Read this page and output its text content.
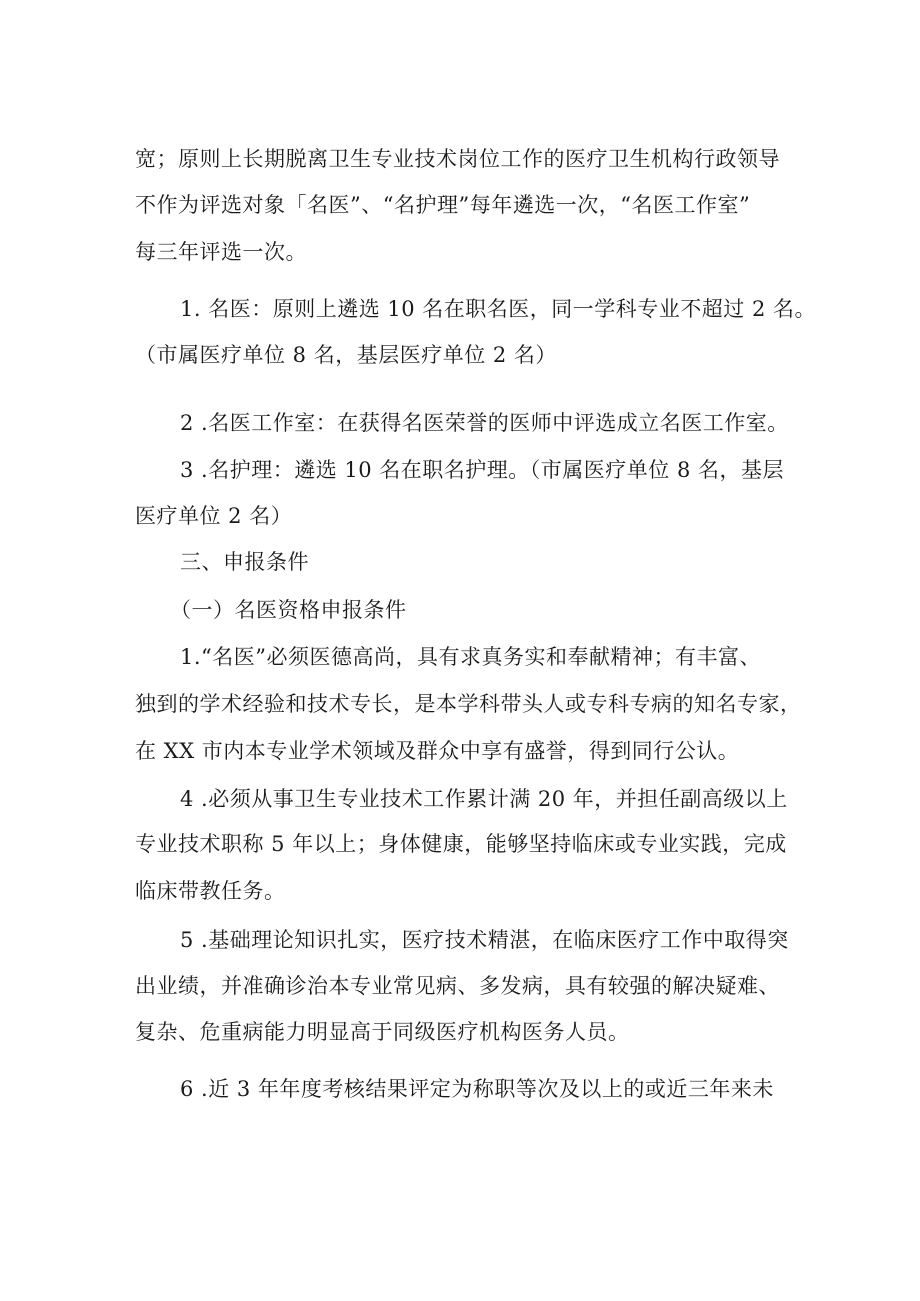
宽；原则上长期脱离卫生专业技术岗位工作的医疗卫生机构行政领导
不作为评选对象「名医”、“名护理”每年遴选一次，“名医工作室”
每三年评选一次。
1. 名医：原则上遴选 10 名在职名医，同一学科专业不超过 2 名。
（市属医疗单位 8 名，基层医疗单位 2 名）
2 .名医工作室：在获得名医荣誉的医师中评选成立名医工作室。
3 .名护理：遴选 10 名在职名护理。（市属医疗单位 8 名，基层
医疗单位 2 名）
三、申报条件
（一）名医资格申报条件
1.“名医”必须医德高尚，具有求真务实和奉献精神；有丰富、
独到的学术经验和技术专长，是本学科带头人或专科专病的知名专家，
在 XX 市内本专业学术领域及群众中享有盛誉，得到同行公认。
4 .必须从事卫生专业技术工作累计满 20 年，并担任副高级以上
专业技术职称 5 年以上；身体健康，能够坚持临床或专业实践，完成
临床带教任务。
5 .基础理论知识扎实，医疗技术精湛，在临床医疗工作中取得突
出业绩，并准确诊治本专业常见病、多发病，具有较强的解决疑难、
复杂、危重病能力明显高于同级医疗机构医务人员。
6 .近 3 年年度考核结果评定为称职等次及以上的或近三年来未
